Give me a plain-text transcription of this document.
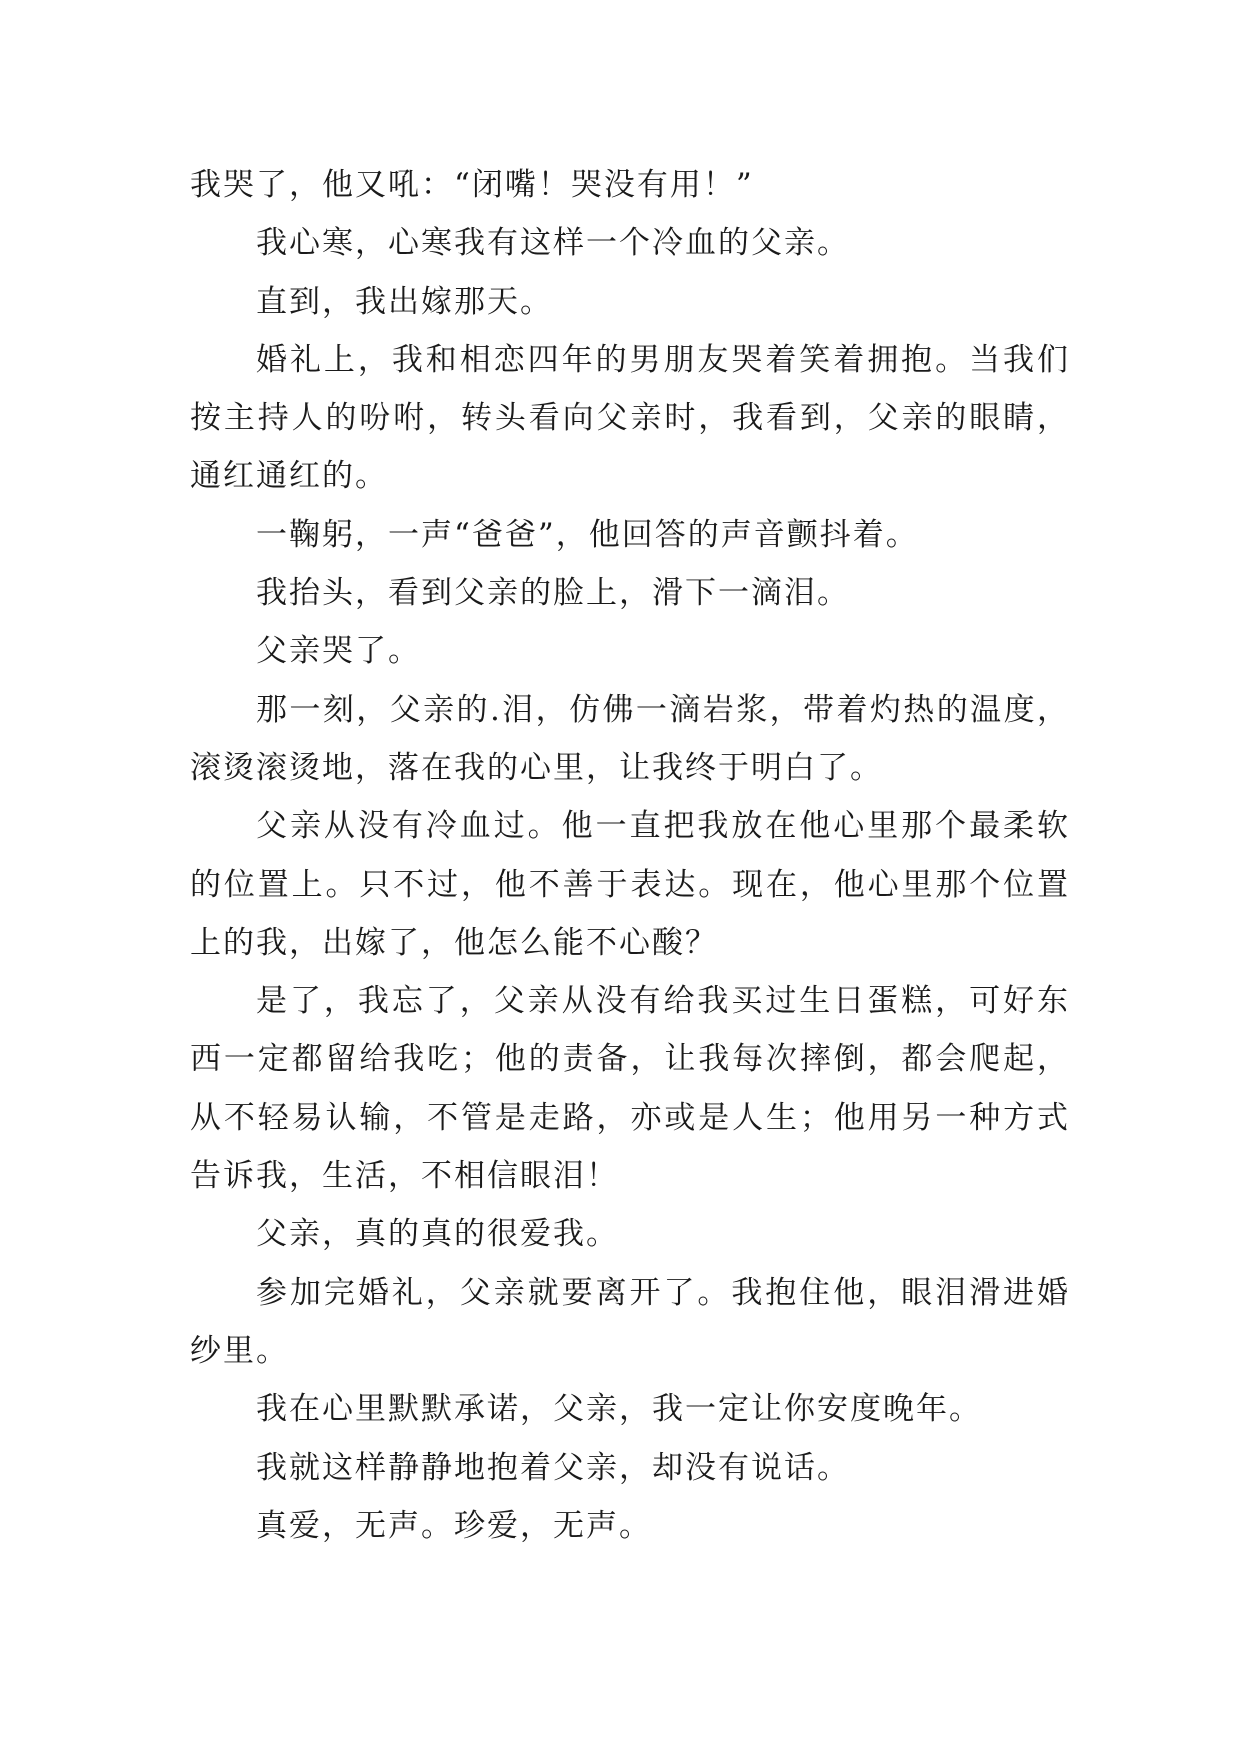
我哭了，他又吼：“闭嘴！哭没有用！”

我心寒，心寒我有这样一个冷血的父亲。

直到，我出嫁那天。

婚礼上，我和相恋四年的男朋友哭着笑着拥抱。当我们按主持人的吩咐，转头看向父亲时，我看到，父亲的眼睛，通红通红的。

一鞠躬，一声“爸爸”，他回答的声音颤抖着。

我抬头，看到父亲的脸上，滑下一滴泪。

父亲哭了。

那一刻，父亲的.泪，仿佛一滴岩浆，带着灼热的温度，滚烫滚烫地，落在我的心里，让我终于明白了。

父亲从没有冷血过。他一直把我放在他心里那个最柔软的位置上。只不过，他不善于表达。现在，他心里那个位置上的我，出嫁了，他怎么能不心酸？

是了，我忘了，父亲从没有给我买过生日蛋糕，可好东西一定都留给我吃；他的责备，让我每次摔倒，都会爬起，从不轻易认输，不管是走路，亦或是人生；他用另一种方式告诉我，生活，不相信眼泪！

父亲，真的真的很爱我。

参加完婚礼，父亲就要离开了。我抱住他，眼泪滑进婚纱里。

我在心里默默承诺，父亲，我一定让你安度晚年。

我就这样静静地抱着父亲，却没有说话。

真爱，无声。珍爱，无声。
